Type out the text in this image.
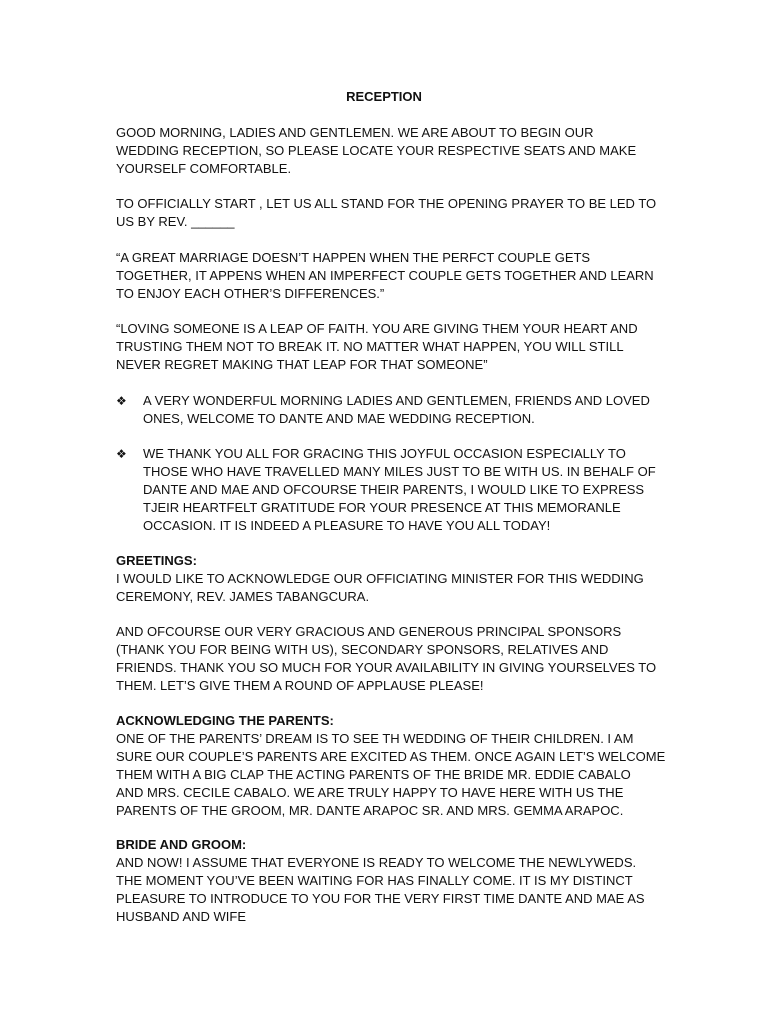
RECEPTION
GOOD MORNING, LADIES AND GENTLEMEN. WE ARE ABOUT TO BEGIN OUR
WEDDING RECEPTION, SO PLEASE LOCATE YOUR RESPECTIVE SEATS AND MAKE
YOURSELF COMFORTABLE.
TO OFFICIALLY START , LET US ALL STAND FOR THE OPENING PRAYER TO BE LED TO
US BY REV. ______
“A GREAT MARRIAGE DOESN’T HAPPEN WHEN THE PERFCT COUPLE GETS
TOGETHER, IT APPENS WHEN AN IMPERFECT COUPLE GETS TOGETHER AND LEARN
TO ENJOY EACH OTHER’S DIFFERENCES.”
“LOVING SOMEONE IS A LEAP OF FAITH. YOU ARE GIVING THEM YOUR HEART AND
TRUSTING THEM NOT TO BREAK IT. NO MATTER WHAT HAPPEN, YOU WILL STILL
NEVER REGRET MAKING THAT LEAP FOR THAT SOMEONE”
❖	A VERY WONDERFUL MORNING LADIES AND GENTLEMEN, FRIENDS AND LOVED
ONES, WELCOME TO DANTE AND MAE WEDDING RECEPTION.
❖	WE THANK YOU ALL FOR GRACING THIS JOYFUL OCCASION ESPECIALLY TO
THOSE WHO HAVE TRAVELLED MANY MILES JUST TO BE WITH US. IN BEHALF OF
DANTE AND MAE AND OFCOURSE THEIR PARENTS, I WOULD LIKE TO EXPRESS
TJEIR HEARTFELT GRATITUDE FOR YOUR PRESENCE AT THIS MEMORANLE
OCCASION. IT IS INDEED A PLEASURE TO HAVE YOU ALL TODAY!
GREETINGS:
I WOULD LIKE TO ACKNOWLEDGE OUR OFFICIATING MINISTER FOR THIS WEDDING
CEREMONY, REV. JAMES TABANGCURA.
AND OFCOURSE OUR VERY GRACIOUS AND GENEROUS PRINCIPAL SPONSORS
(THANK YOU FOR BEING WITH US), SECONDARY SPONSORS, RELATIVES AND
FRIENDS. THANK YOU SO MUCH FOR YOUR AVAILABILITY IN GIVING YOURSELVES TO
THEM. LET’S GIVE THEM A ROUND OF APPLAUSE PLEASE!
ACKNOWLEDGING THE PARENTS:
ONE OF THE PARENTS’ DREAM IS TO SEE TH WEDDING OF THEIR CHILDREN. I AM
SURE OUR COUPLE’S PARENTS ARE EXCITED AS THEM. ONCE AGAIN LET’S WELCOME
THEM WITH A BIG CLAP THE ACTING PARENTS OF THE BRIDE MR. EDDIE CABALO
AND MRS. CECILE CABALO. WE ARE TRULY HAPPY TO HAVE HERE WITH US THE
PARENTS OF THE GROOM, MR. DANTE ARAPOC SR. AND MRS. GEMMA ARAPOC.
BRIDE AND GROOM:
AND NOW! I ASSUME THAT EVERYONE IS READY TO WELCOME THE NEWLYWEDS.
THE MOMENT YOU’VE BEEN WAITING FOR HAS FINALLY COME. IT IS MY DISTINCT
PLEASURE TO INTRODUCE TO YOU FOR THE VERY FIRST TIME DANTE AND MAE AS
HUSBAND AND WIFE
